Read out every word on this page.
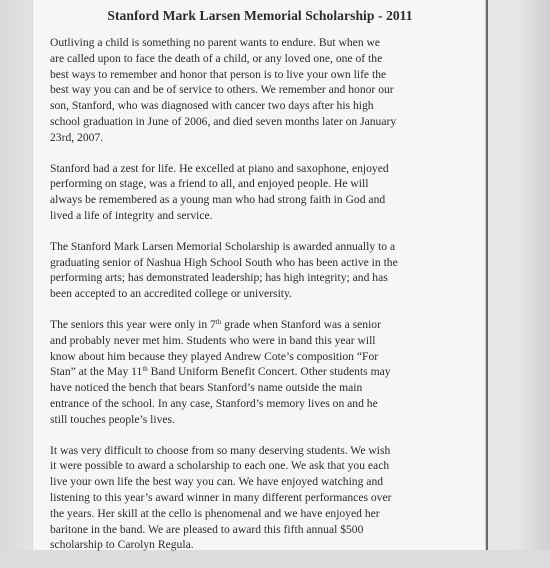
Stanford Mark Larsen Memorial Scholarship - 2011
Outliving a child is something no parent wants to endure. But when we
are called upon to face the death of a child, or any loved one, one of the
best ways to remember and honor that person is to live your own life the
best way you can and be of service to others. We remember and honor our
son, Stanford, who was diagnosed with cancer two days after his high
school graduation in June of 2006, and died seven months later on January
23rd, 2007.
Stanford had a zest for life. He excelled at piano and saxophone, enjoyed
performing on stage, was a friend to all, and enjoyed people. He will
always be remembered as a young man who had strong faith in God and
lived a life of integrity and service.
The Stanford Mark Larsen Memorial Scholarship is awarded annually to a
graduating senior of Nashua High School South who has been active in the
performing arts; has demonstrated leadership; has high integrity; and has
been accepted to an accredited college or university.
The seniors this year were only in 7th grade when Stanford was a senior
and probably never met him. Students who were in band this year will
know about him because they played Andrew Cote’s composition “For
Stan” at the May 11th Band Uniform Benefit Concert. Other students may
have noticed the bench that bears Stanford’s name outside the main
entrance of the school. In any case, Stanford’s memory lives on and he
still touches people’s lives.
It was very difficult to choose from so many deserving students. We wish
it were possible to award a scholarship to each one. We ask that you each
live your own life the best way you can. We have enjoyed watching and
listening to this year’s award winner in many different performances over
the years. Her skill at the cello is phenomenal and we have enjoyed her
baritone in the band. We are pleased to award this fifth annual $500
scholarship to Carolyn Regula.
